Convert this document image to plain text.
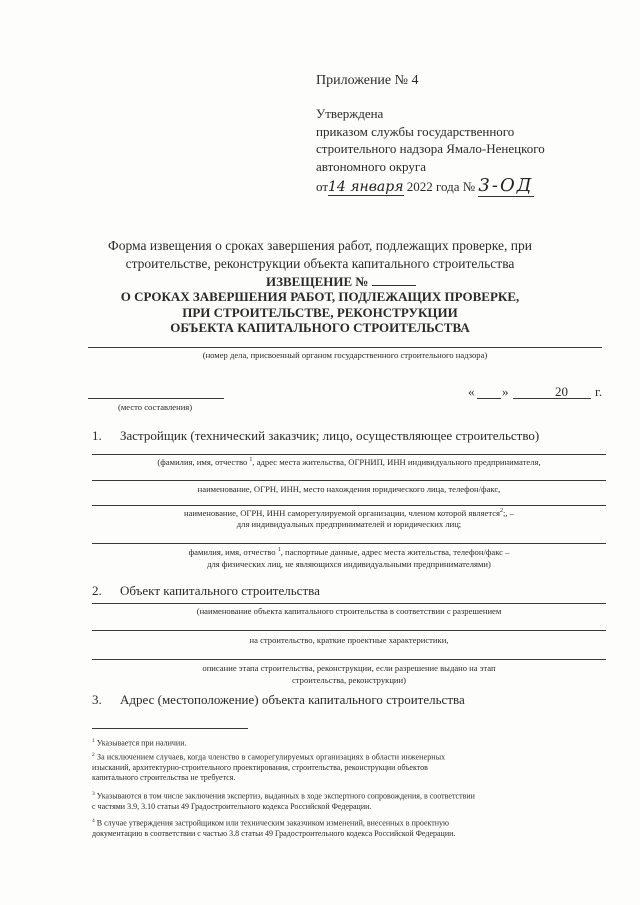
Приложение № 4
Утверждена
приказом службы государственного
строительного надзора Ямало-Ненецкого
автономного округа
от14 января 2022 года № 3-ОД
Форма извещения о сроках завершения работ, подлежащих проверке, при
строительстве, реконструкции объекта капитального строительства
ИЗВЕЩЕНИЕ №
О СРОКАХ ЗАВЕРШЕНИЯ РАБОТ, ПОДЛЕЖАЩИХ ПРОВЕРКЕ,
ПРИ СТРОИТЕЛЬСТВЕ, РЕКОНСТРУКЦИИ
ОБЪЕКТА КАПИТАЛЬНОГО СТРОИТЕЛЬСТВА
(номер дела, присвоенный органом государственного строительного надзора)
(место составления)
« »	20 г.
1. Застройщик (технический заказчик; лицо, осуществляющее строительство)
(фамилия, имя, отчество $^1$, адрес места жительства, ОГРНИП, ИНН индивидуального предпринимателя,
наименование, ОГРН, ИНН, место нахождения юридического лица, телефон/факс,
наименование, ОГРН, ИНН саморегулируемой организации, членом которой является$^2$;, –
для индивидуальных предпринимателей и юридических лиц;
фамилия, имя, отчество $^1$, паспортные данные, адрес места жительства, телефон/факс –
для физических лиц, не являющихся индивидуальными предпринимателями)
2. Объект капитального строительства
(наименование объекта капитального строительства в соответствии с разрешением
на строительство, краткие проектные характеристики,
описание этапа строительства, реконструкции, если разрешение выдано на этап
строительства, реконструкции)
3. Адрес (местоположение) объекта капитального строительства
$^1$ Указывается при наличии.
$^2$ За исключением случаев, когда членство в саморегулируемых организациях в области инженерных
изысканий, архитектурно-строительного проектирования, строительства, реконструкции объектов
капитального строительства не требуется.
$^3$ Указываются в том числе заключения экспертиз, выданных в ходе экспертного сопровождения, в соответствии
с частями 3.9, 3.10 статьи 49 Градостроительного кодекса Российской Федерации.
$^4$ В случае утверждения застройщиком или техническим заказчиком изменений, внесенных в проектную
документацию в соответствии с частью 3.8 статьи 49 Градостроительного кодекса Российской Федерации.
